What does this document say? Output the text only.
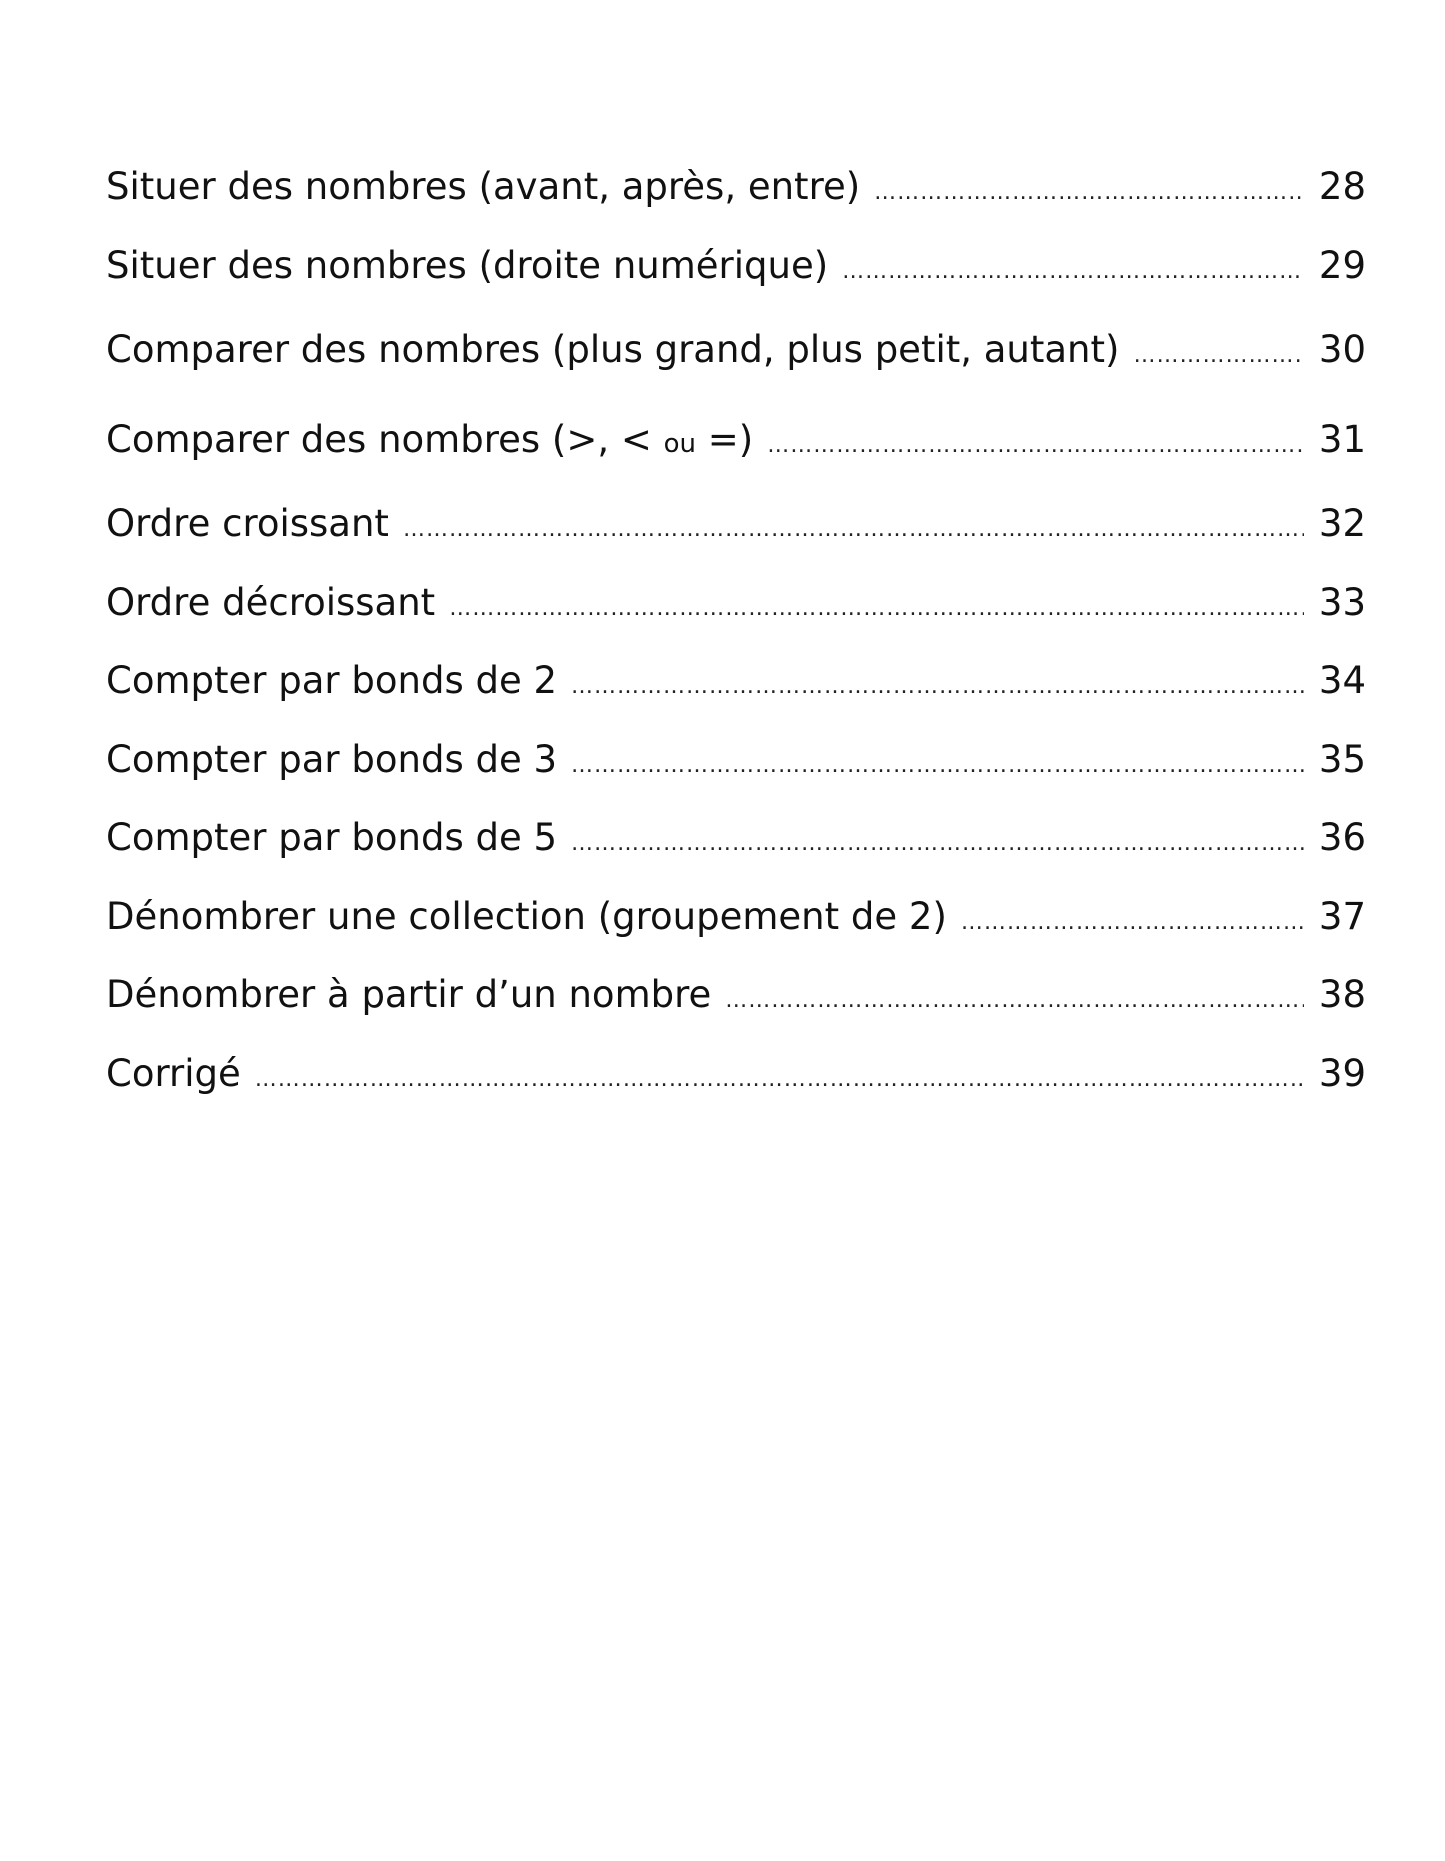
Situer des nombres (avant, après, entre) ……………………………………………………………………………………………………………………………………………………………………………………………………	28
Situer des nombres (droite numérique) ……………………………………………………………………………………………………………………………………………………………………………………………………	29
Comparer des nombres (plus grand, plus petit, autant) ……………………………………………………………………………………………………………………………………………………………………………………………………	30
Comparer des nombres (>, < ou =) ……………………………………………………………………………………………………………………………………………………………………………………………………	31
Ordre croissant ……………………………………………………………………………………………………………………………………………………………………………………………………	32
Ordre décroissant ……………………………………………………………………………………………………………………………………………………………………………………………………	33
Compter par bonds de 2 ……………………………………………………………………………………………………………………………………………………………………………………………………	34
Compter par bonds de 3 ……………………………………………………………………………………………………………………………………………………………………………………………………	35
Compter par bonds de 5 ……………………………………………………………………………………………………………………………………………………………………………………………………	36
Dénombrer une collection (groupement de 2) ……………………………………………………………………………………………………………………………………………………………………………………………………	37
Dénombrer à partir d’un nombre ……………………………………………………………………………………………………………………………………………………………………………………………………	38
Corrigé ……………………………………………………………………………………………………………………………………………………………………………………………………	39
